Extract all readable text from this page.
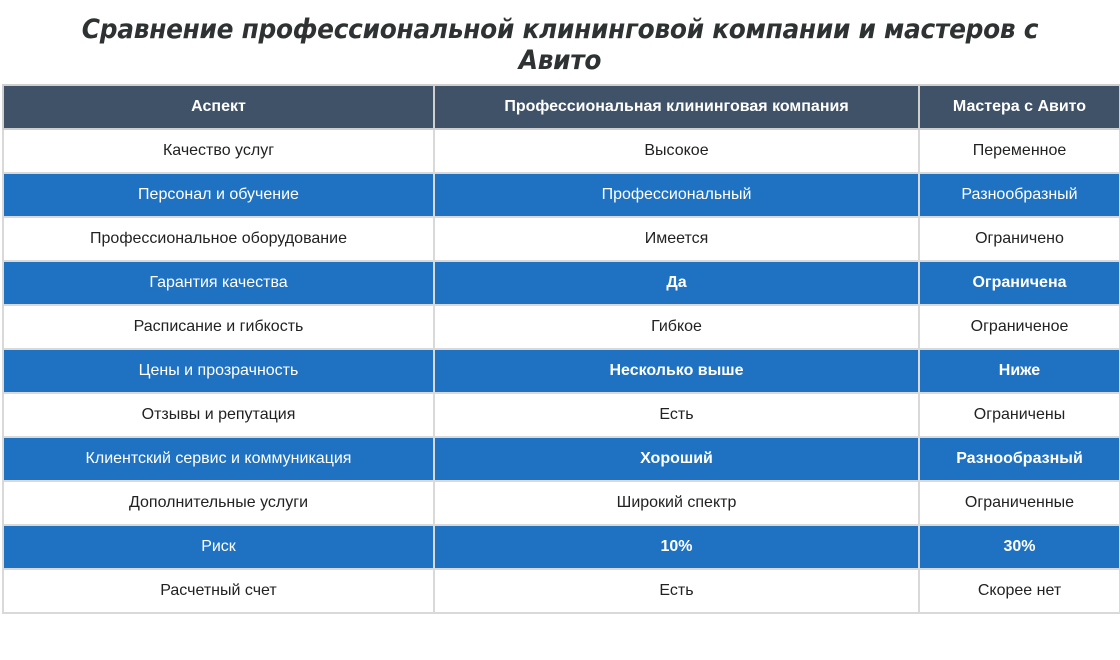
Сравнение профессиональной клининговой компании и мастеров с Авито
Аспект	Профессиональная клининговая компания	Мастера с Авито
Качество услуг	Высокое	Переменное
Персонал и обучение	Профессиональный	Разнообразный
Профессиональное оборудование	Имеется	Ограничено
Гарантия качества	Да	Ограничена
Расписание и гибкость	Гибкое	Ограниченое
Цены и прозрачность	Несколько выше	Ниже
Отзывы и репутация	Есть	Ограничены
Клиентский сервис и коммуникация	Хороший	Разнообразный
Дополнительные услуги	Широкий спектр	Ограниченные
Риск	10%	30%
Расчетный счет	Есть	Скорее нет
